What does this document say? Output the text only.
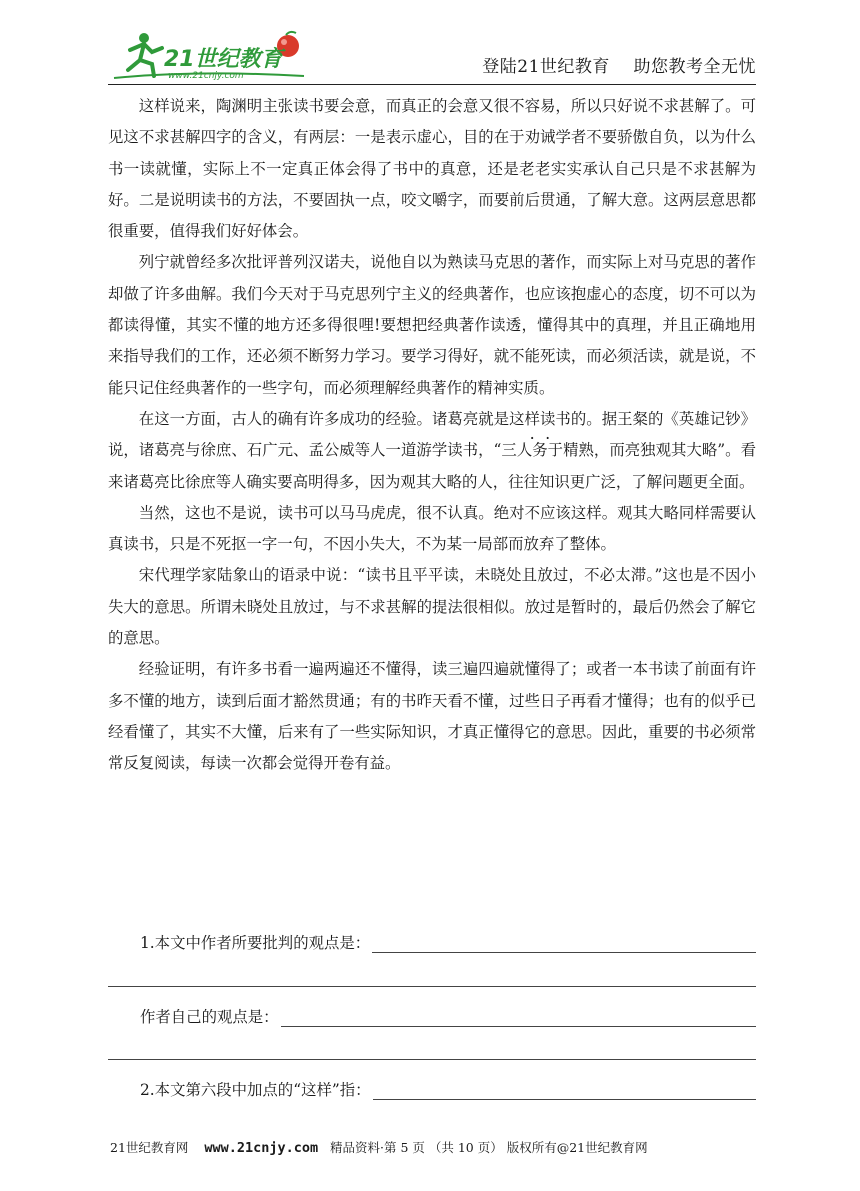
21世纪教育
www.21cnjy.com	登陆21世纪教育    助您教考全无忧

这样说来，陶渊明主张读书要会意，而真正的会意又很不容易，所以只好说不求甚解了。可见这不求甚解四字的含义，有两层：一是表示虚心，目的在于劝诫学者不要骄傲自负，以为什么书一读就懂，实际上不一定真正体会得了书中的真意，还是老老实实承认自己只是不求甚解为好。二是说明读书的方法，不要固执一点，咬文嚼字，而要前后贯通，了解大意。这两层意思都很重要，值得我们好好体会。

列宁就曾经多次批评普列汉诺夫，说他自以为熟读马克思的著作，而实际上对马克思的著作却做了许多曲解。我们今天对于马克思列宁主义的经典著作，也应该抱虚心的态度，切不可以为都读得懂，其实不懂的地方还多得很哩!要想把经典著作读透，懂得其中的真理，并且正确地用来指导我们的工作，还必须不断努力学习。要学习得好，就不能死读，而必须活读，就是说，不能只记住经典著作的一些字句，而必须理解经典著作的精神实质。

在这一方面，古人的确有许多成功的经验。诸葛亮就是这样读书的。据王粲的《英雄记钞》说，诸葛亮与徐庶、石广元、孟公威等人一道游学读书，“三人务于精熟，而亮独观其大略”。看来诸葛亮比徐庶等人确实要高明得多，因为观其大略的人，往往知识更广泛，了解问题更全面。

当然，这也不是说，读书可以马马虎虎，很不认真。绝对不应该这样。观其大略同样需要认真读书，只是不死抠一字一句，不因小失大，不为某一局部而放弃了整体。

宋代理学家陆象山的语录中说：“读书且平平读，未晓处且放过，不必太滞。”这也是不因小失大的意思。所谓未晓处且放过，与不求甚解的提法很相似。放过是暂时的，最后仍然会了解它的意思。

经验证明，有许多书看一遍两遍还不懂得，读三遍四遍就懂得了；或者一本书读了前面有许多不懂的地方，读到后面才豁然贯通；有的书昨天看不懂，过些日子再看才懂得；也有的似乎已经看懂了，其实不大懂，后来有了一些实际知识，才真正懂得它的意思。因此，重要的书必须常常反复阅读，每读一次都会觉得开卷有益。

1.本文中作者所要批判的观点是：
作者自己的观点是：
2.本文第六段中加点的“这样”指：
21世纪教育网 www.21cnjy.com 精品资料·第 5 页 （共 10 页） 版权所有@21世纪教育网
